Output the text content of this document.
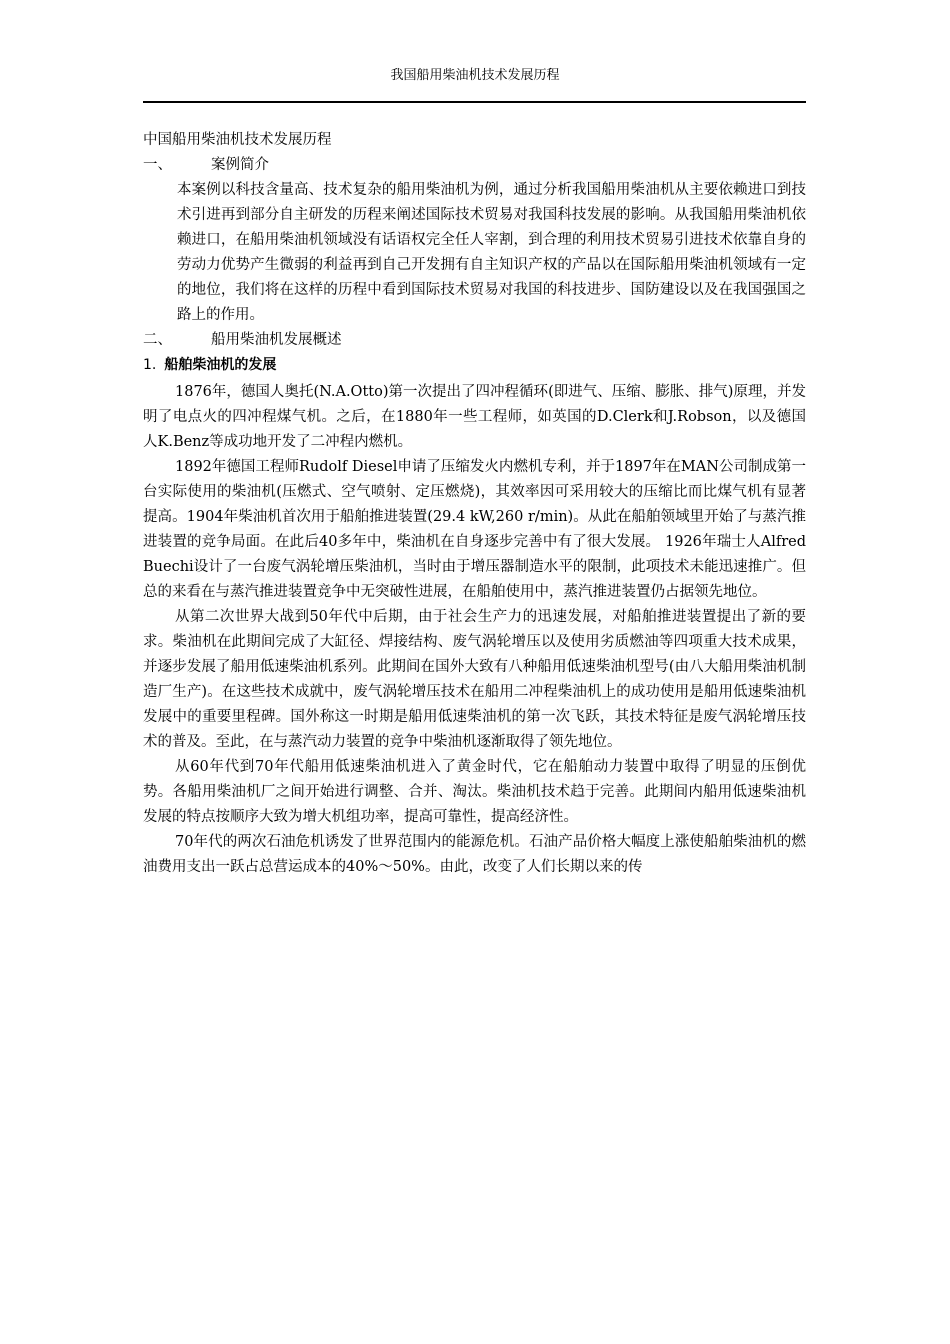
我国船用柴油机技术发展历程

中国船用柴油机技术发展历程

一、	案例简介

本案例以科技含量高、技术复杂的船用柴油机为例，通过分析我国船用柴油机从主要依赖进口到技术引进再到部分自主研发的历程来阐述国际技术贸易对我国科技发展的影响。从我国船用柴油机依赖进口，在船用柴油机领域没有话语权完全任人宰割，到合理的利用技术贸易引进技术依靠自身的劳动力优势产生微弱的利益再到自己开发拥有自主知识产权的产品以在国际船用柴油机领域有一定的地位，我们将在这样的历程中看到国际技术贸易对我国的科技进步、国防建设以及在我国强国之路上的作用。

二、	船用柴油机发展概述

1. 船舶柴油机的发展

1876年，德国人奥托(N.A.Otto)第一次提出了四冲程循环(即进气、压缩、膨胀、排气)原理，并发明了电点火的四冲程煤气机。之后，在1880年一些工程师，如英国的D.Clerk和J.Robson，以及德国人K.Benz等成功地开发了二冲程内燃机。

1892年德国工程师Rudolf Diesel申请了压缩发火内燃机专利，并于1897年在MAN公司制成第一台实际使用的柴油机(压燃式、空气喷射、定压燃烧)，其效率因可采用较大的压缩比而比煤气机有显著提高。1904年柴油机首次用于船舶推进装置(29.4 kW,260 r/min)。从此在船舶领域里开始了与蒸汽推进装置的竞争局面。在此后40多年中，柴油机在自身逐步完善中有了很大发展。 1926年瑞士人Alfred Buechi设计了一台废气涡轮增压柴油机，当时由于增压器制造水平的限制，此项技术未能迅速推广。但总的来看在与蒸汽推进装置竞争中无突破性进展，在船舶使用中，蒸汽推进装置仍占据领先地位。

从第二次世界大战到50年代中后期，由于社会生产力的迅速发展，对船舶推进装置提出了新的要求。柴油机在此期间完成了大缸径、焊接结构、废气涡轮增压以及使用劣质燃油等四项重大技术成果，并逐步发展了船用低速柴油机系列。此期间在国外大致有八种船用低速柴油机型号(由八大船用柴油机制造厂生产)。在这些技术成就中，废气涡轮增压技术在船用二冲程柴油机上的成功使用是船用低速柴油机发展中的重要里程碑。国外称这一时期是船用低速柴油机的第一次飞跃，其技术特征是废气涡轮增压技术的普及。至此，在与蒸汽动力装置的竞争中柴油机逐渐取得了领先地位。

从60年代到70年代船用低速柴油机进入了黄金时代，它在船舶动力装置中取得了明显的压倒优势。各船用柴油机厂之间开始进行调整、合并、淘汰。柴油机技术趋于完善。此期间内船用低速柴油机发展的特点按顺序大致为增大机组功率，提高可靠性，提高经济性。

70年代的两次石油危机诱发了世界范围内的能源危机。石油产品价格大幅度上涨使船舶柴油机的燃油费用支出一跃占总营运成本的40%～50%。由此，改变了人们长期以来的传
